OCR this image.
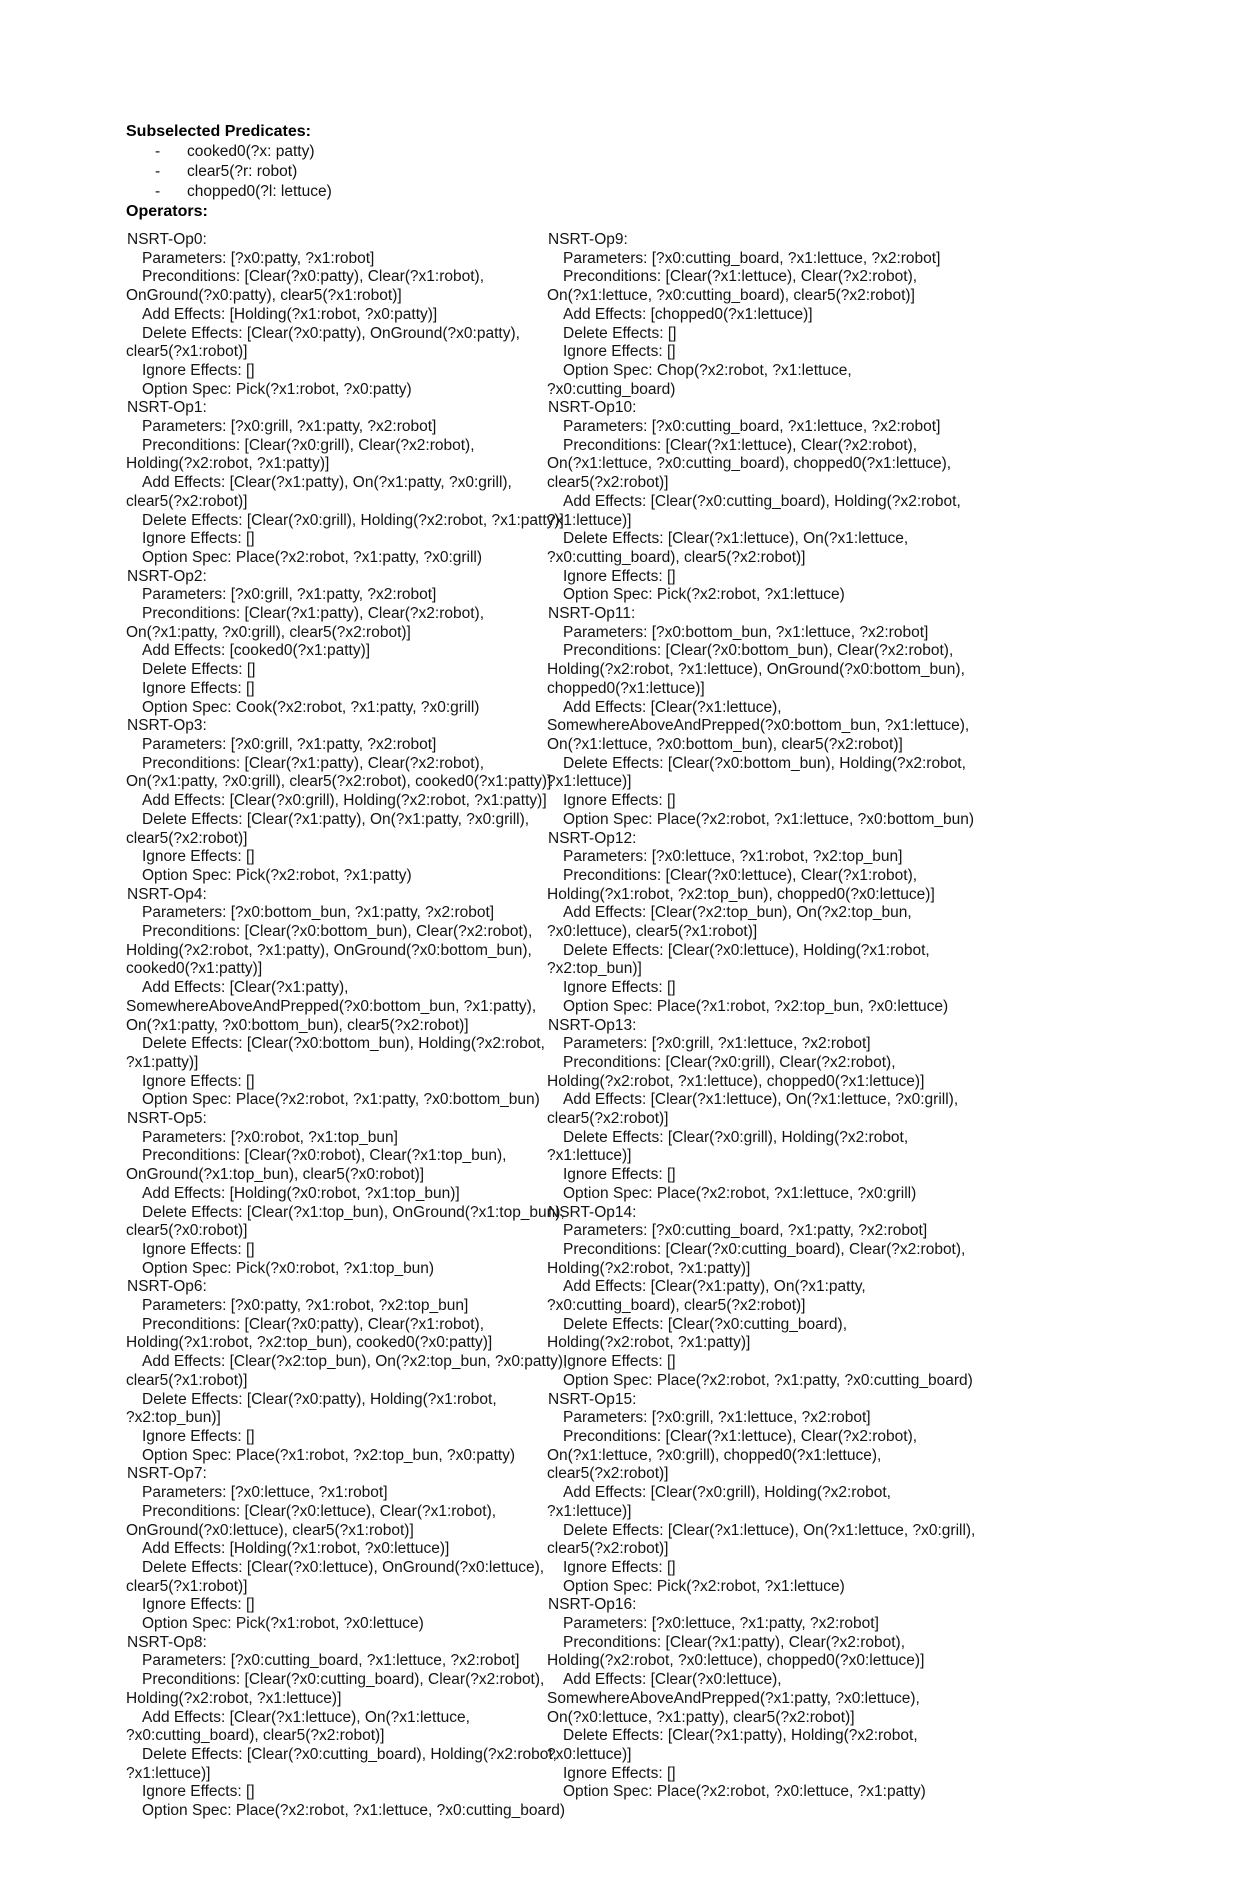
Subselected Predicates:
-	cooked0(?x: patty)
-	clear5(?r: robot)
-	chopped0(?l: lettuce)
Operators:
NSRT-Op0:
Parameters: [?x0:patty, ?x1:robot]
Preconditions: [Clear(?x0:patty), Clear(?x1:robot),
OnGround(?x0:patty), clear5(?x1:robot)]
Add Effects: [Holding(?x1:robot, ?x0:patty)]
Delete Effects: [Clear(?x0:patty), OnGround(?x0:patty),
clear5(?x1:robot)]
Ignore Effects: []
Option Spec: Pick(?x1:robot, ?x0:patty)
NSRT-Op1:
Parameters: [?x0:grill, ?x1:patty, ?x2:robot]
Preconditions: [Clear(?x0:grill), Clear(?x2:robot),
Holding(?x2:robot, ?x1:patty)]
Add Effects: [Clear(?x1:patty), On(?x1:patty, ?x0:grill),
clear5(?x2:robot)]
Delete Effects: [Clear(?x0:grill), Holding(?x2:robot, ?x1:patty)]
Ignore Effects: []
Option Spec: Place(?x2:robot, ?x1:patty, ?x0:grill)
NSRT-Op2:
Parameters: [?x0:grill, ?x1:patty, ?x2:robot]
Preconditions: [Clear(?x1:patty), Clear(?x2:robot),
On(?x1:patty, ?x0:grill), clear5(?x2:robot)]
Add Effects: [cooked0(?x1:patty)]
Delete Effects: []
Ignore Effects: []
Option Spec: Cook(?x2:robot, ?x1:patty, ?x0:grill)
NSRT-Op3:
Parameters: [?x0:grill, ?x1:patty, ?x2:robot]
Preconditions: [Clear(?x1:patty), Clear(?x2:robot),
On(?x1:patty, ?x0:grill), clear5(?x2:robot), cooked0(?x1:patty)]
Add Effects: [Clear(?x0:grill), Holding(?x2:robot, ?x1:patty)]
Delete Effects: [Clear(?x1:patty), On(?x1:patty, ?x0:grill),
clear5(?x2:robot)]
Ignore Effects: []
Option Spec: Pick(?x2:robot, ?x1:patty)
NSRT-Op4:
Parameters: [?x0:bottom_bun, ?x1:patty, ?x2:robot]
Preconditions: [Clear(?x0:bottom_bun), Clear(?x2:robot),
Holding(?x2:robot, ?x1:patty), OnGround(?x0:bottom_bun),
cooked0(?x1:patty)]
Add Effects: [Clear(?x1:patty),
SomewhereAboveAndPrepped(?x0:bottom_bun, ?x1:patty),
On(?x1:patty, ?x0:bottom_bun), clear5(?x2:robot)]
Delete Effects: [Clear(?x0:bottom_bun), Holding(?x2:robot,
?x1:patty)]
Ignore Effects: []
Option Spec: Place(?x2:robot, ?x1:patty, ?x0:bottom_bun)
NSRT-Op5:
Parameters: [?x0:robot, ?x1:top_bun]
Preconditions: [Clear(?x0:robot), Clear(?x1:top_bun),
OnGround(?x1:top_bun), clear5(?x0:robot)]
Add Effects: [Holding(?x0:robot, ?x1:top_bun)]
Delete Effects: [Clear(?x1:top_bun), OnGround(?x1:top_bun),
clear5(?x0:robot)]
Ignore Effects: []
Option Spec: Pick(?x0:robot, ?x1:top_bun)
NSRT-Op6:
Parameters: [?x0:patty, ?x1:robot, ?x2:top_bun]
Preconditions: [Clear(?x0:patty), Clear(?x1:robot),
Holding(?x1:robot, ?x2:top_bun), cooked0(?x0:patty)]
Add Effects: [Clear(?x2:top_bun), On(?x2:top_bun, ?x0:patty),
clear5(?x1:robot)]
Delete Effects: [Clear(?x0:patty), Holding(?x1:robot,
?x2:top_bun)]
Ignore Effects: []
Option Spec: Place(?x1:robot, ?x2:top_bun, ?x0:patty)
NSRT-Op7:
Parameters: [?x0:lettuce, ?x1:robot]
Preconditions: [Clear(?x0:lettuce), Clear(?x1:robot),
OnGround(?x0:lettuce), clear5(?x1:robot)]
Add Effects: [Holding(?x1:robot, ?x0:lettuce)]
Delete Effects: [Clear(?x0:lettuce), OnGround(?x0:lettuce),
clear5(?x1:robot)]
Ignore Effects: []
Option Spec: Pick(?x1:robot, ?x0:lettuce)
NSRT-Op8:
Parameters: [?x0:cutting_board, ?x1:lettuce, ?x2:robot]
Preconditions: [Clear(?x0:cutting_board), Clear(?x2:robot),
Holding(?x2:robot, ?x1:lettuce)]
Add Effects: [Clear(?x1:lettuce), On(?x1:lettuce,
?x0:cutting_board), clear5(?x2:robot)]
Delete Effects: [Clear(?x0:cutting_board), Holding(?x2:robot,
?x1:lettuce)]
Ignore Effects: []
Option Spec: Place(?x2:robot, ?x1:lettuce, ?x0:cutting_board)
NSRT-Op9:
Parameters: [?x0:cutting_board, ?x1:lettuce, ?x2:robot]
Preconditions: [Clear(?x1:lettuce), Clear(?x2:robot),
On(?x1:lettuce, ?x0:cutting_board), clear5(?x2:robot)]
Add Effects: [chopped0(?x1:lettuce)]
Delete Effects: []
Ignore Effects: []
Option Spec: Chop(?x2:robot, ?x1:lettuce,
?x0:cutting_board)
NSRT-Op10:
Parameters: [?x0:cutting_board, ?x1:lettuce, ?x2:robot]
Preconditions: [Clear(?x1:lettuce), Clear(?x2:robot),
On(?x1:lettuce, ?x0:cutting_board), chopped0(?x1:lettuce),
clear5(?x2:robot)]
Add Effects: [Clear(?x0:cutting_board), Holding(?x2:robot,
?x1:lettuce)]
Delete Effects: [Clear(?x1:lettuce), On(?x1:lettuce,
?x0:cutting_board), clear5(?x2:robot)]
Ignore Effects: []
Option Spec: Pick(?x2:robot, ?x1:lettuce)
NSRT-Op11:
Parameters: [?x0:bottom_bun, ?x1:lettuce, ?x2:robot]
Preconditions: [Clear(?x0:bottom_bun), Clear(?x2:robot),
Holding(?x2:robot, ?x1:lettuce), OnGround(?x0:bottom_bun),
chopped0(?x1:lettuce)]
Add Effects: [Clear(?x1:lettuce),
SomewhereAboveAndPrepped(?x0:bottom_bun, ?x1:lettuce),
On(?x1:lettuce, ?x0:bottom_bun), clear5(?x2:robot)]
Delete Effects: [Clear(?x0:bottom_bun), Holding(?x2:robot,
?x1:lettuce)]
Ignore Effects: []
Option Spec: Place(?x2:robot, ?x1:lettuce, ?x0:bottom_bun)
NSRT-Op12:
Parameters: [?x0:lettuce, ?x1:robot, ?x2:top_bun]
Preconditions: [Clear(?x0:lettuce), Clear(?x1:robot),
Holding(?x1:robot, ?x2:top_bun), chopped0(?x0:lettuce)]
Add Effects: [Clear(?x2:top_bun), On(?x2:top_bun,
?x0:lettuce), clear5(?x1:robot)]
Delete Effects: [Clear(?x0:lettuce), Holding(?x1:robot,
?x2:top_bun)]
Ignore Effects: []
Option Spec: Place(?x1:robot, ?x2:top_bun, ?x0:lettuce)
NSRT-Op13:
Parameters: [?x0:grill, ?x1:lettuce, ?x2:robot]
Preconditions: [Clear(?x0:grill), Clear(?x2:robot),
Holding(?x2:robot, ?x1:lettuce), chopped0(?x1:lettuce)]
Add Effects: [Clear(?x1:lettuce), On(?x1:lettuce, ?x0:grill),
clear5(?x2:robot)]
Delete Effects: [Clear(?x0:grill), Holding(?x2:robot,
?x1:lettuce)]
Ignore Effects: []
Option Spec: Place(?x2:robot, ?x1:lettuce, ?x0:grill)
NSRT-Op14:
Parameters: [?x0:cutting_board, ?x1:patty, ?x2:robot]
Preconditions: [Clear(?x0:cutting_board), Clear(?x2:robot),
Holding(?x2:robot, ?x1:patty)]
Add Effects: [Clear(?x1:patty), On(?x1:patty,
?x0:cutting_board), clear5(?x2:robot)]
Delete Effects: [Clear(?x0:cutting_board),
Holding(?x2:robot, ?x1:patty)]
Ignore Effects: []
Option Spec: Place(?x2:robot, ?x1:patty, ?x0:cutting_board)
NSRT-Op15:
Parameters: [?x0:grill, ?x1:lettuce, ?x2:robot]
Preconditions: [Clear(?x1:lettuce), Clear(?x2:robot),
On(?x1:lettuce, ?x0:grill), chopped0(?x1:lettuce),
clear5(?x2:robot)]
Add Effects: [Clear(?x0:grill), Holding(?x2:robot,
?x1:lettuce)]
Delete Effects: [Clear(?x1:lettuce), On(?x1:lettuce, ?x0:grill),
clear5(?x2:robot)]
Ignore Effects: []
Option Spec: Pick(?x2:robot, ?x1:lettuce)
NSRT-Op16:
Parameters: [?x0:lettuce, ?x1:patty, ?x2:robot]
Preconditions: [Clear(?x1:patty), Clear(?x2:robot),
Holding(?x2:robot, ?x0:lettuce), chopped0(?x0:lettuce)]
Add Effects: [Clear(?x0:lettuce),
SomewhereAboveAndPrepped(?x1:patty, ?x0:lettuce),
On(?x0:lettuce, ?x1:patty), clear5(?x2:robot)]
Delete Effects: [Clear(?x1:patty), Holding(?x2:robot,
?x0:lettuce)]
Ignore Effects: []
Option Spec: Place(?x2:robot, ?x0:lettuce, ?x1:patty)
